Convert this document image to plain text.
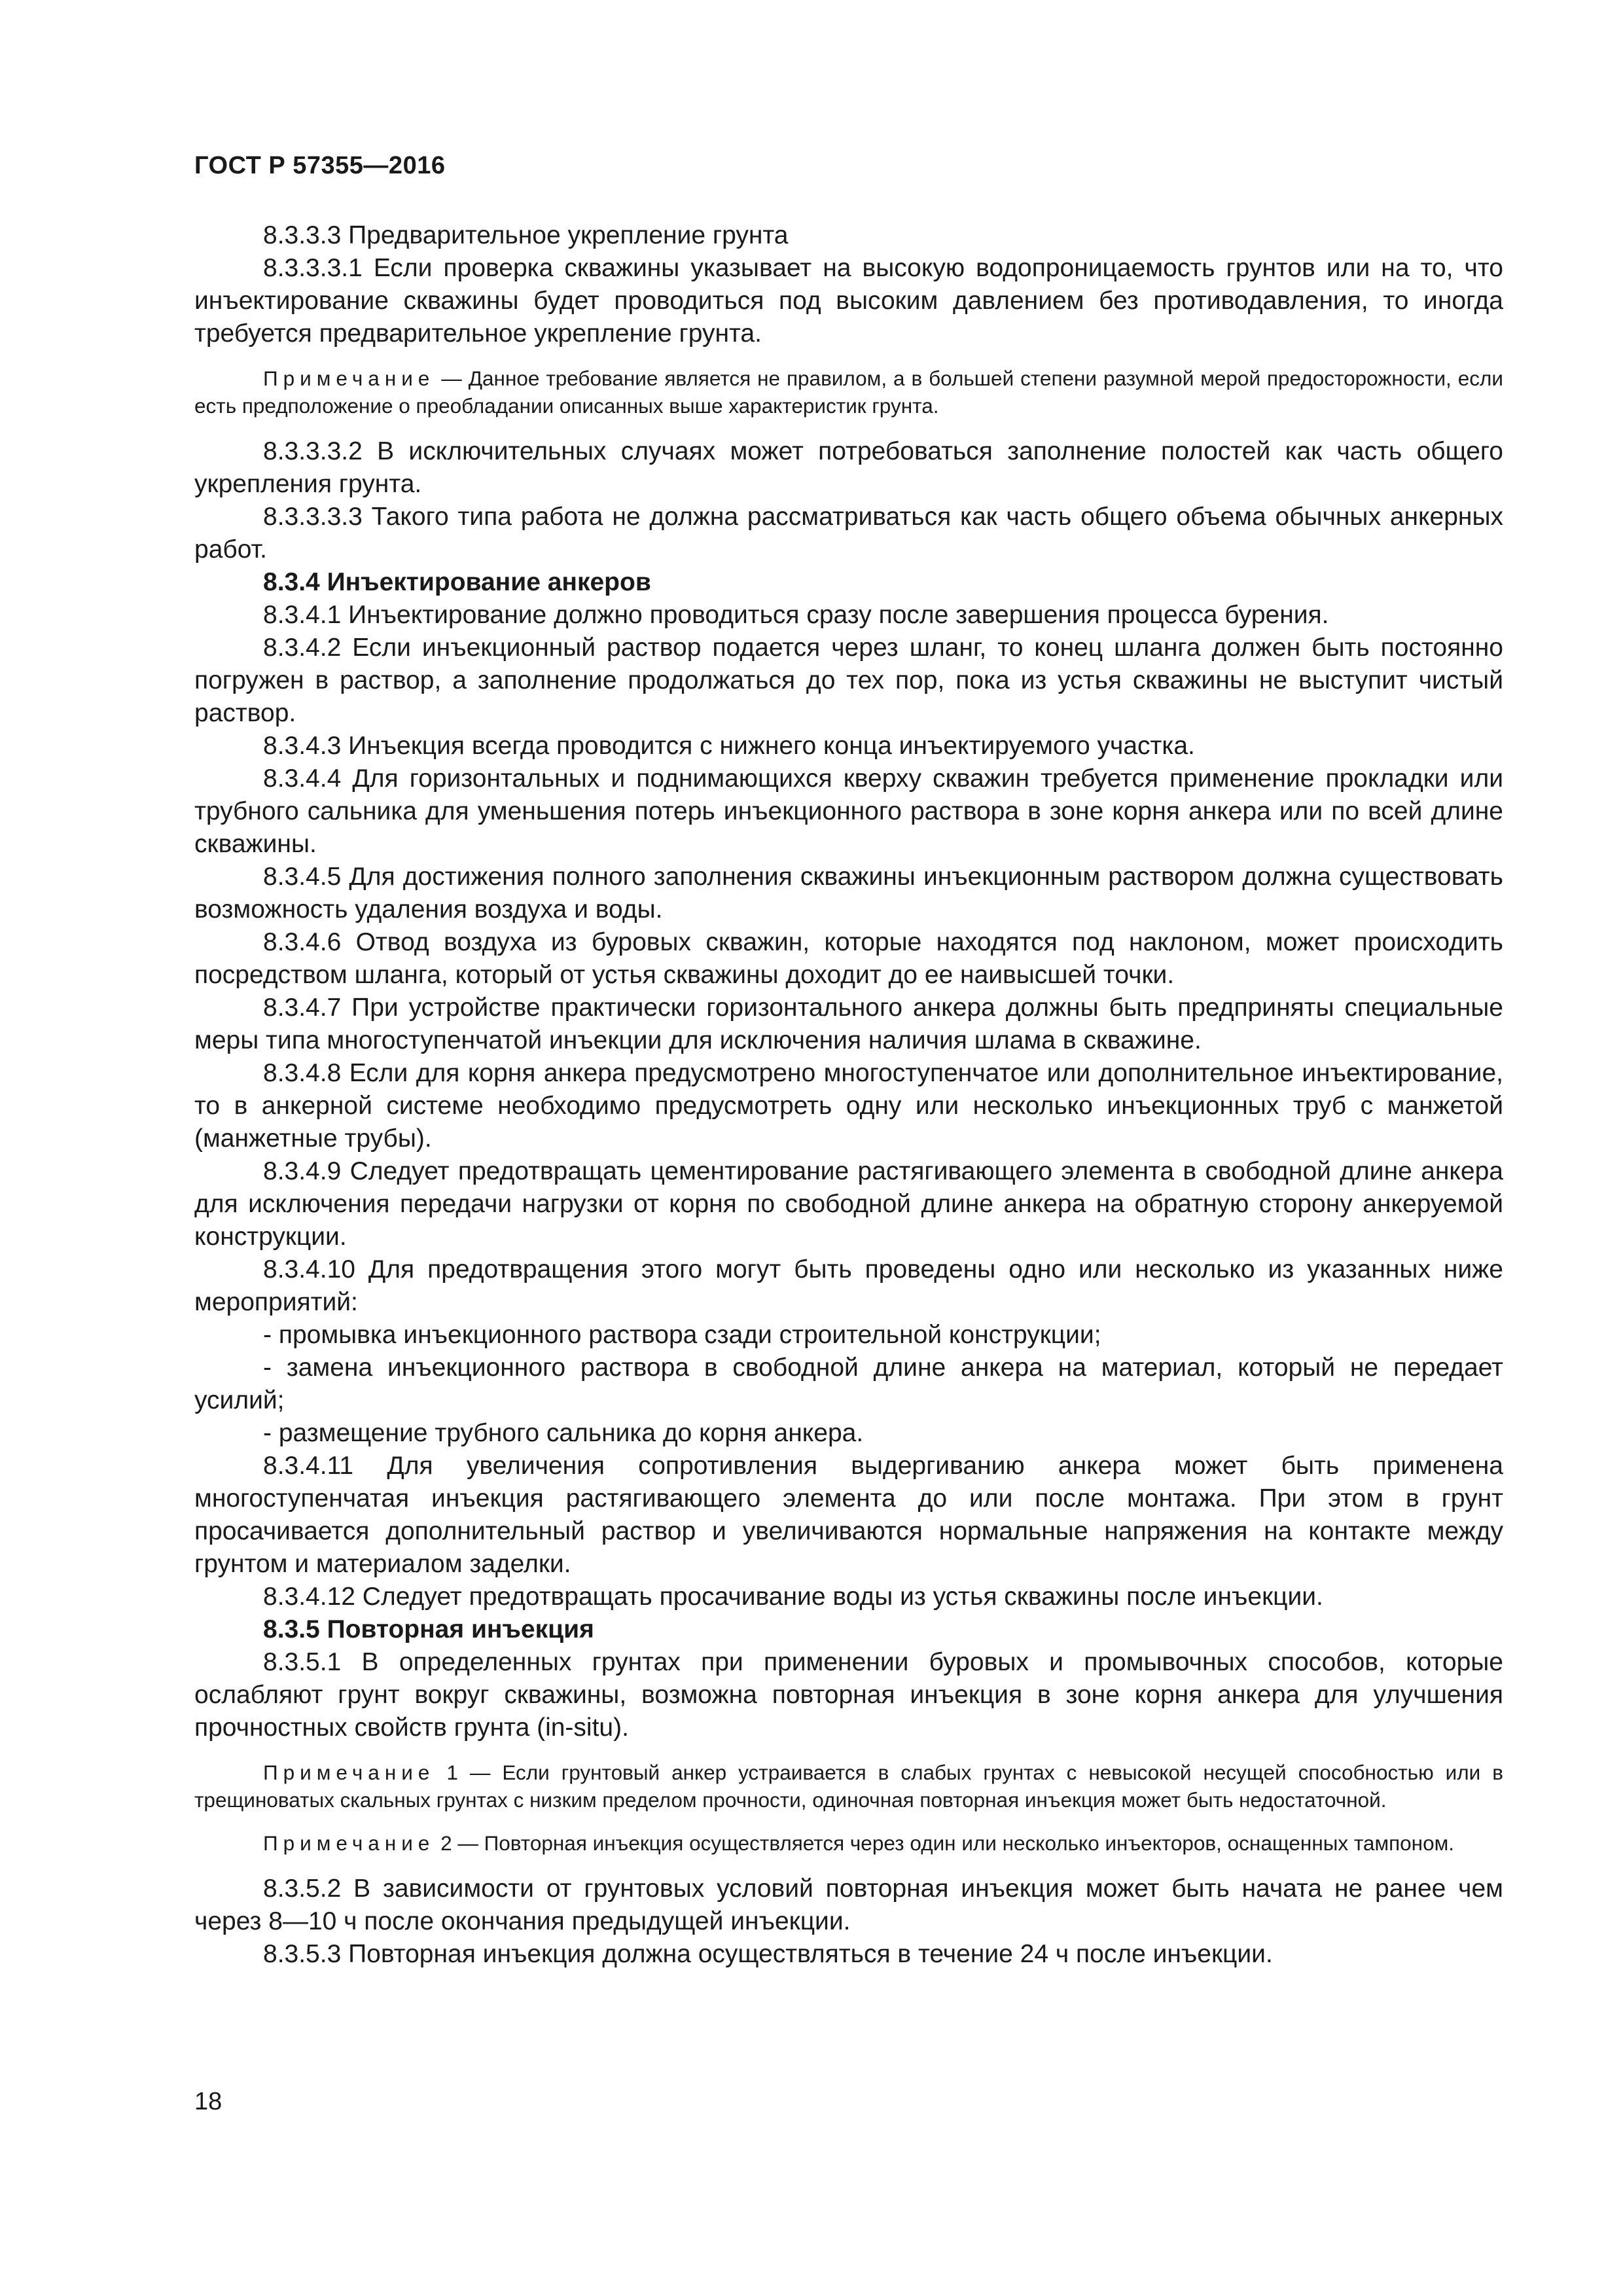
ГОСТ Р 57355—2016

8.3.3.3 Предварительное укрепление грунта

8.3.3.3.1 Если проверка скважины указывает на высокую водопроницаемость грунтов или на то, что инъектирование скважины будет проводиться под высоким давлением без противодавления, то иногда требуется предварительное укрепление грунта.

Примечание — Данное требование является не правилом, а в большей степени разумной мерой предосторожности, если есть предположение о преобладании описанных выше характеристик грунта.

8.3.3.3.2 В исключительных случаях может потребоваться заполнение полостей как часть общего укрепления грунта.

8.3.3.3.3 Такого типа работа не должна рассматриваться как часть общего объема обычных анкерных работ.

8.3.4 Инъектирование анкеров

8.3.4.1 Инъектирование должно проводиться сразу после завершения процесса бурения.

8.3.4.2 Если инъекционный раствор подается через шланг, то конец шланга должен быть постоянно погружен в раствор, а заполнение продолжаться до тех пор, пока из устья скважины не выступит чистый раствор.

8.3.4.3 Инъекция всегда проводится с нижнего конца инъектируемого участка.

8.3.4.4 Для горизонтальных и поднимающихся кверху скважин требуется применение прокладки или трубного сальника для уменьшения потерь инъекционного раствора в зоне корня анкера или по всей длине скважины.

8.3.4.5 Для достижения полного заполнения скважины инъекционным раствором должна существовать возможность удаления воздуха и воды.

8.3.4.6 Отвод воздуха из буровых скважин, которые находятся под наклоном, может происходить посредством шланга, который от устья скважины доходит до ее наивысшей точки.

8.3.4.7 При устройстве практически горизонтального анкера должны быть предприняты специальные меры типа многоступенчатой инъекции для исключения наличия шлама в скважине.

8.3.4.8 Если для корня анкера предусмотрено многоступенчатое или дополнительное инъектирование, то в анкерной системе необходимо предусмотреть одну или несколько инъекционных труб с манжетой (манжетные трубы).

8.3.4.9 Следует предотвращать цементирование растягивающего элемента в свободной длине анкера для исключения передачи нагрузки от корня по свободной длине анкера на обратную сторону анкеруемой конструкции.

8.3.4.10 Для предотвращения этого могут быть проведены одно или несколько из указанных ниже мероприятий:

- промывка инъекционного раствора сзади строительной конструкции;

- замена инъекционного раствора в свободной длине анкера на материал, который не передает усилий;

- размещение трубного сальника до корня анкера.

8.3.4.11 Для увеличения сопротивления выдергиванию анкера может быть применена многоступенчатая инъекция растягивающего элемента до или после монтажа. При этом в грунт просачивается дополнительный раствор и увеличиваются нормальные напряжения на контакте между грунтом и материалом заделки.

8.3.4.12 Следует предотвращать просачивание воды из устья скважины после инъекции.

8.3.5 Повторная инъекция

8.3.5.1 В определенных грунтах при применении буровых и промывочных способов, которые ослабляют грунт вокруг скважины, возможна повторная инъекция в зоне корня анкера для улучшения прочностных свойств грунта (in-situ).

Примечание 1 — Если грунтовый анкер устраивается в слабых грунтах с невысокой несущей способностью или в трещиноватых скальных грунтах с низким пределом прочности, одиночная повторная инъекция может быть недостаточной.

Примечание 2 — Повторная инъекция осуществляется через один или несколько инъекторов, оснащенных тампоном.

8.3.5.2 В зависимости от грунтовых условий повторная инъекция может быть начата не ранее чем через 8—10 ч после окончания предыдущей инъекции.

8.3.5.3 Повторная инъекция должна осуществляться в течение 24 ч после инъекции.

18
